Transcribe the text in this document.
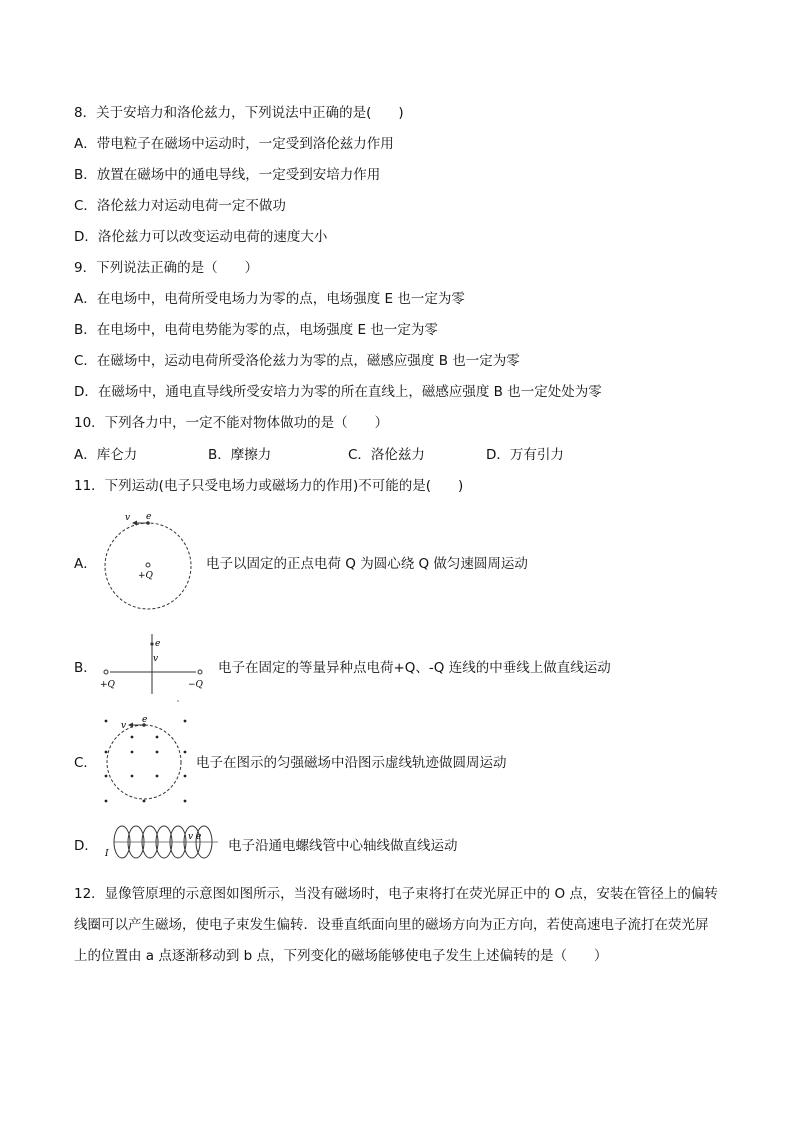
8．关于安培力和洛伦兹力，下列说法中正确的是(　　)
A．带电粒子在磁场中运动时，一定受到洛伦兹力作用
B．放置在磁场中的通电导线，一定受到安培力作用
C．洛伦兹力对运动电荷一定不做功
D．洛伦兹力可以改变运动电荷的速度大小
9．下列说法正确的是（　　）
A．在电场中，电荷所受电场力为零的点，电场强度 E 也一定为零
B．在电场中，电荷电势能为零的点，电场强度 E 也一定为零
C．在磁场中，运动电荷所受洛伦兹力为零的点，磁感应强度 B 也一定为零
D．在磁场中，通电直导线所受安培力为零的所在直线上，磁感应强度 B 也一定处处为零
10．下列各力中，一定不能对物体做功的是（　　）
A．库仑力	B．摩擦力	C．洛伦兹力	D．万有引力
11．下列运动(电子只受电场力或磁场力的作用)不可能的是(　　)
A．
v e
+Q
电子以固定的正点电荷 Q 为圆心绕 Q 做匀速圆周运动
B．
+Q	−Q
e
v
电子在固定的等量异种点电荷+Q、-Q 连线的中垂线上做直线运动
C．
v
e
电子在图示的匀强磁场中沿图示虚线轨迹做圆周运动
D． I
v e
电子沿通电螺线管中心轴线做直线运动
12．显像管原理的示意图如图所示，当没有磁场时，电子束将打在荧光屏正中的 O 点，安装在管径上的偏转线圈可以产生磁场，使电子束发生偏转．设垂直纸面向里的磁场方向为正方向，若使高速电子流打在荧光屏上的位置由 a 点逐渐移动到 b 点，下列变化的磁场能够使电子发生上述偏转的是（　　）
